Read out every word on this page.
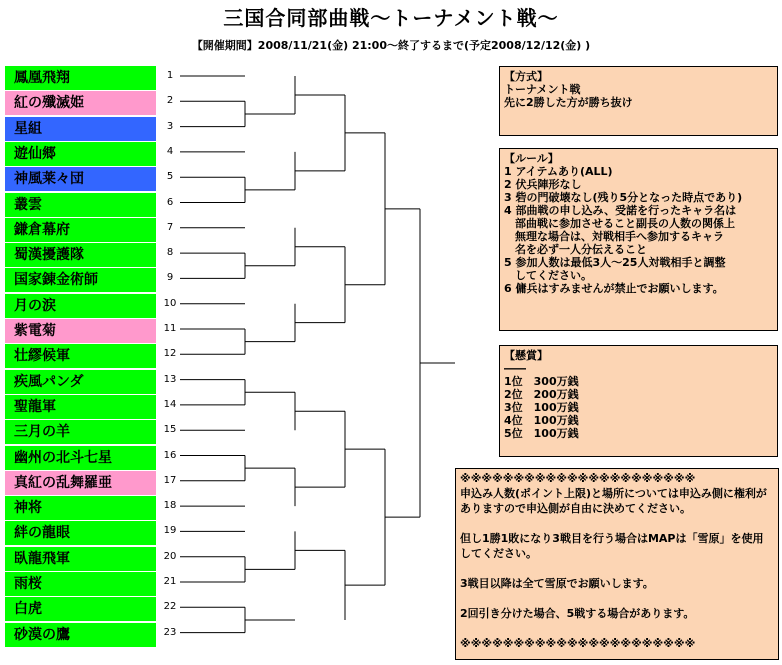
三国合同部曲戦〜トーナメント戦〜
【開催期間】2008/11/21(金) 21:00〜終了するまで(予定2008/12/12(金) )
鳳凰飛翔
紅の殲滅姫
星組
遊仙郷
神風莱々団
叢雲
鎌倉幕府
蜀漢擾護隊
国家錬金術師
月の涙
紫電菊
壮繆候軍
疾風パンダ
聖龍軍
三月の羊
幽州の北斗七星
真紅の乱舞羅亜
神将
絆の龍眼
臥龍飛軍
雨桜
白虎
砂漠の鷹
1
2
3
4
5
6
7
8
9
10
11
12
13
14
15
16
17
18
19
20
21
22
23
【方式】
トーナメント戦
先に2勝した方が勝ち抜け
【ルール】
1 アイテムあり(ALL)
2 伏兵陣形なし
3 砦の門破壊なし(残り5分となった時点であり)
4 部曲戦の申し込み、受諾を行ったキャラ名は
　部曲戦に参加させること副長の人数の関係上
　無理な場合は、対戦相手へ参加するキャラ
　名を必ず一人分伝えること
5 参加人数は最低3人〜25人対戦相手と調整
　してください。
6 傭兵はすみませんが禁止でお願いします。
【懸賞】
――
1位　300万銭
2位　200万銭
3位　100万銭
4位　100万銭
5位　100万銭
※※※※※※※※※※※※※※※※※※※※※※
申込み人数(ポイント上限)と場所については申込み側に権利がありますので申込側が自由に決めてください。

但し1勝1敗になり3戦目を行う場合はMAPは「雪原」を使用してください。

3戦目以降は全て雪原でお願いします。

2回引き分けた場合、5戦する場合があります。

※※※※※※※※※※※※※※※※※※※※※※
